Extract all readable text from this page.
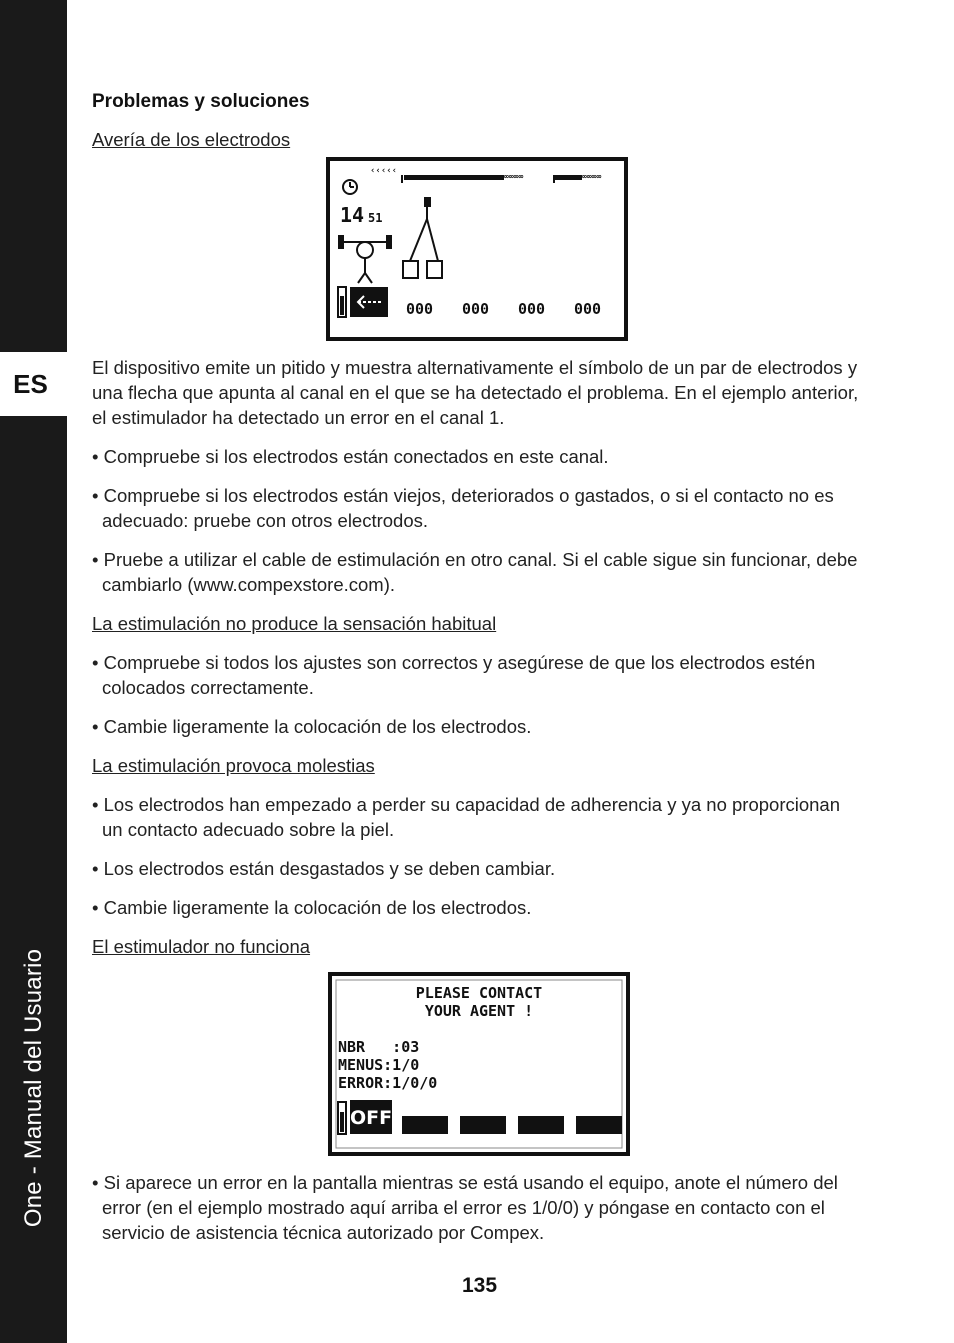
ES
One - Manual del Usuario
Problemas y soluciones
Avería de los electrodos
‹‹‹‹‹
∞∞∞∞	∞∞∞∞
14 51
000 000 000 000

El dispositivo emite un pitido y muestra alternativamente el símbolo de un par de electrodos y una flecha que apunta al canal en el que se ha detectado el problema. En el ejemplo anterior, el estimulador ha detectado un error en el canal 1.

• Compruebe si los electrodos están conectados en este canal.

• Compruebe si los electrodos están viejos, deteriorados o gastados, o si el contacto no es adecuado: pruebe con otros electrodos.

• Pruebe a utilizar el cable de estimulación en otro canal. Si el cable sigue sin funcionar, debe cambiarlo (www.compexstore.com).

La estimulación no produce la sensación habitual

• Compruebe si todos los ajustes son correctos y asegúrese de que los electrodos estén colocados correctamente.

• Cambie ligeramente la colocación de los electrodos.

La estimulación provoca molestias

• Los electrodos han empezado a perder su capacidad de adherencia y ya no proporcionan un contacto adecuado sobre la piel.

• Los electrodos están desgastados y se deben cambiar.

• Cambie ligeramente la colocación de los electrodos.

El estimulador no funciona

PLEASE CONTACT
YOUR AGENT !
NBR   :03
MENUS:1/0
ERROR:1/0/0
OFF

• Si aparece un error en la pantalla mientras se está usando el equipo, anote el número del error (en el ejemplo mostrado aquí arriba el error es 1/0/0) y póngase en contacto con el servicio de asistencia técnica autorizado por Compex.

135
